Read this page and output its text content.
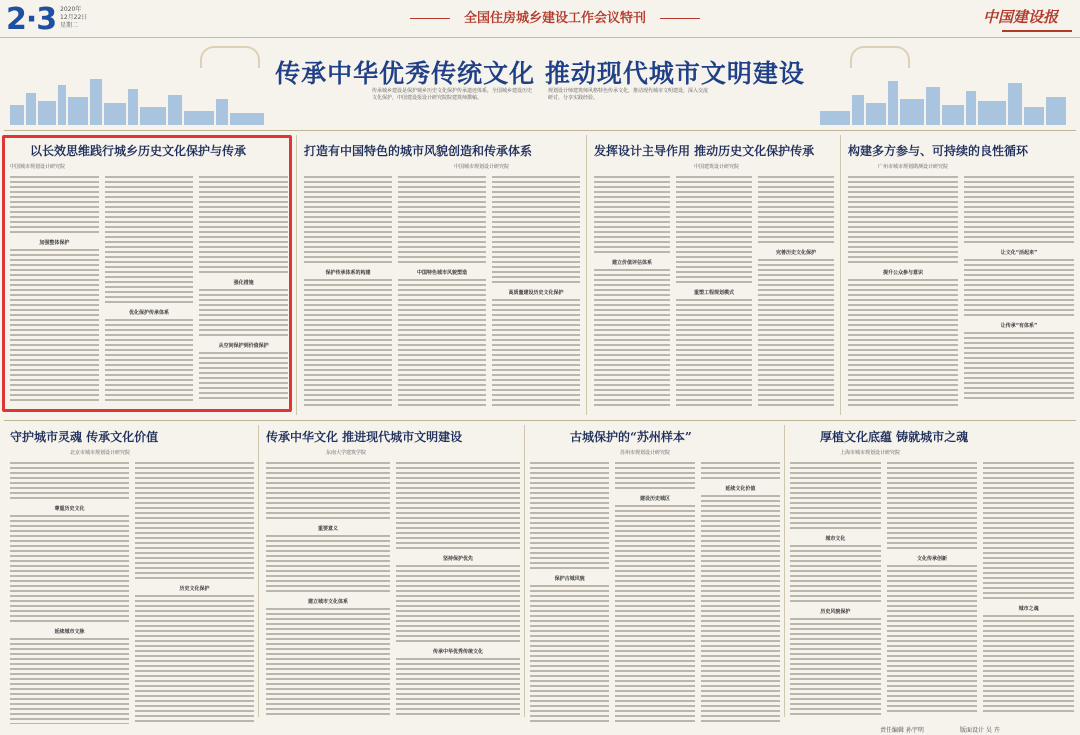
2·3 2020年
12月22日
星期二	全国住房城乡建设工作会议特刊	中国建设报
传承中华优秀传统文化 推动现代城市文明建设
传承城乡建设是保护城乡历史文化保护传承遗迹体系，全国城乡建设历史文化保护，中国建设报设计研究院院建筑师撰稿。
规划设计师建筑师风格特色传承文化，推动现代城市文明建设，深入交流研讨，分享实践经验。
以长效思维践行城乡历史文化保护与传承
中国城市规划设计研究院
加强整体保护
优化保护传承体系
强化措施
从空间保护到价值保护
打造有中国特色的城市风貌创造和传承体系
中国城市规划设计研究院
保护传承体系的构建	中国特色城市风貌塑造
高质量建设历史文化保护
发挥设计主导作用 推动历史文化保护传承
中国建筑设计研究院
建立价值评估体系
重塑工程规划模式
完善历史文化保护
构建多方参与、可持续的良性循环
广州市城市规划勘测设计研究院
提升公众参与意识
让文化“活起来”
让传承“有体系”
守护城市灵魂 传承文化价值
北京市城市规划设计研究院
尊重历史文化
延续城市文脉
历史文化保护
传承中华文化 推进现代城市文明建设
东南大学建筑学院
重要意义
建立城市文化体系
坚持保护优先
传承中华优秀传统文化
古城保护的“苏州样本”
苏州市规划设计研究院
保护古城风貌
建设历史城区
延续文化价值
厚植文化底蕴 铸就城市之魂
上海市城市规划设计研究院
城市文化
历史风貌保护
文化传承创新
城市之魂
责任编辑 孙宇明	版面设计 吴 卉
